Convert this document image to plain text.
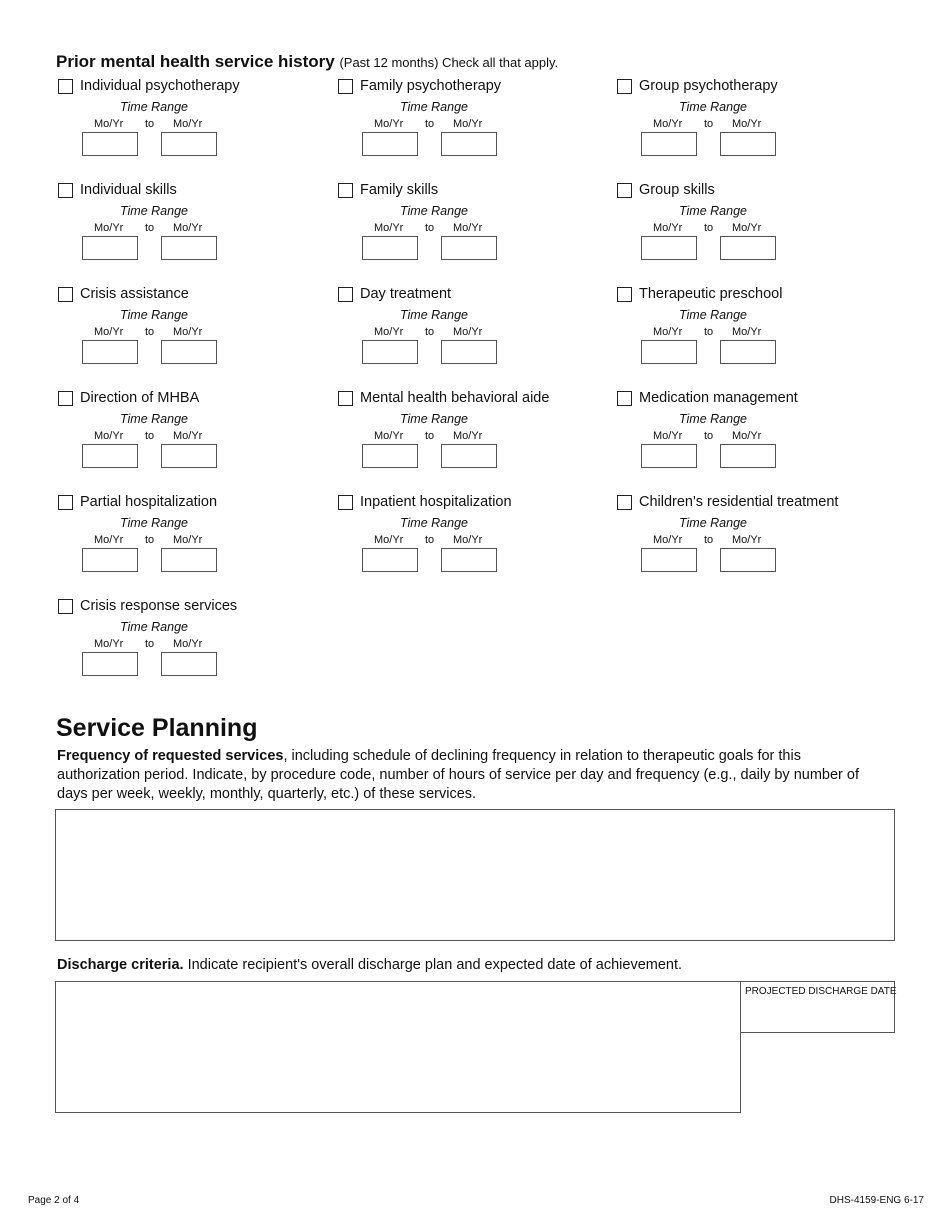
Prior mental health service history (Past 12 months) Check all that apply.
Individual psychotherapy
Time Range
Mo/Yr to Mo/Yr
Family psychotherapy
Time Range
Mo/Yr to Mo/Yr
Group psychotherapy
Time Range
Mo/Yr to Mo/Yr
Individual skills
Time Range
Mo/Yr to Mo/Yr
Family skills
Time Range
Mo/Yr to Mo/Yr
Group skills
Time Range
Mo/Yr to Mo/Yr
Crisis assistance
Time Range
Mo/Yr to Mo/Yr
Day treatment
Time Range
Mo/Yr to Mo/Yr
Therapeutic preschool
Time Range
Mo/Yr to Mo/Yr
Direction of MHBA
Time Range
Mo/Yr to Mo/Yr
Mental health behavioral aide
Time Range
Mo/Yr to Mo/Yr
Medication management
Time Range
Mo/Yr to Mo/Yr
Partial hospitalization
Time Range
Mo/Yr to Mo/Yr
Inpatient hospitalization
Time Range
Mo/Yr to Mo/Yr
Children's residential treatment
Time Range
Mo/Yr to Mo/Yr
Crisis response services
Time Range
Mo/Yr to Mo/Yr
Service Planning
Frequency of requested services, including schedule of declining frequency in relation to therapeutic goals for this authorization period. Indicate, by procedure code, number of hours of service per day and frequency (e.g., daily by number of days per week, weekly, monthly, quarterly, etc.) of these services.
Discharge criteria. Indicate recipient's overall discharge plan and expected date of achievement.
PROJECTED DISCHARGE DATE
Page 2 of 4	DHS-4159-ENG 6-17
